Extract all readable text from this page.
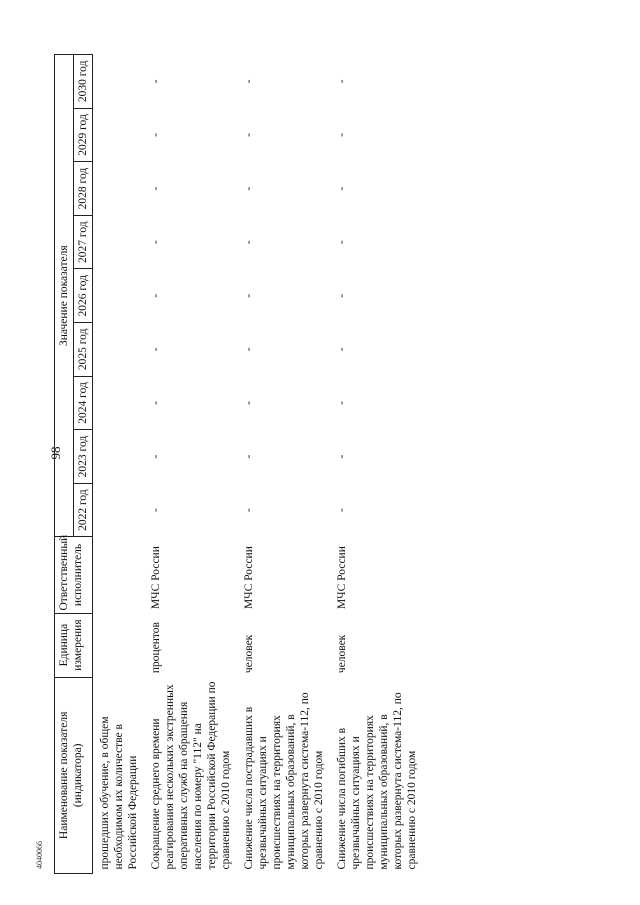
98
4040066
Наименование показателя (индикатора)	Единица измерения	Ответственный исполнитель	Значение показателя								
			2022 год	2023 год	2024 год	2025 год	2026 год	2027 год	2028 год	2029 год	2030 год
прошедших обучение, в общем необходимом их количестве в Российской Федерации											
Сокращение среднего времени реагирования нескольких экстренных оперативных служб на обращения населения по номеру "112" на территории Российской Федерации по сравнению с 2010 годом	процентов	МЧС России	-	-	-	-	-	-	-	-	-
Снижение числа пострадавших в чрезвычайных ситуациях и происшествиях на территориях муниципальных образований, в которых развернута система-112, по сравнению с 2010 годом	человек	МЧС России	-	-	-	-	-	-	-	-	-
Снижение числа погибших в чрезвычайных ситуациях и происшествиях на территориях муниципальных образований, в которых развернута система-112, по сравнению с 2010 годом	человек	МЧС России	-	-	-	-	-	-	-	-	-
